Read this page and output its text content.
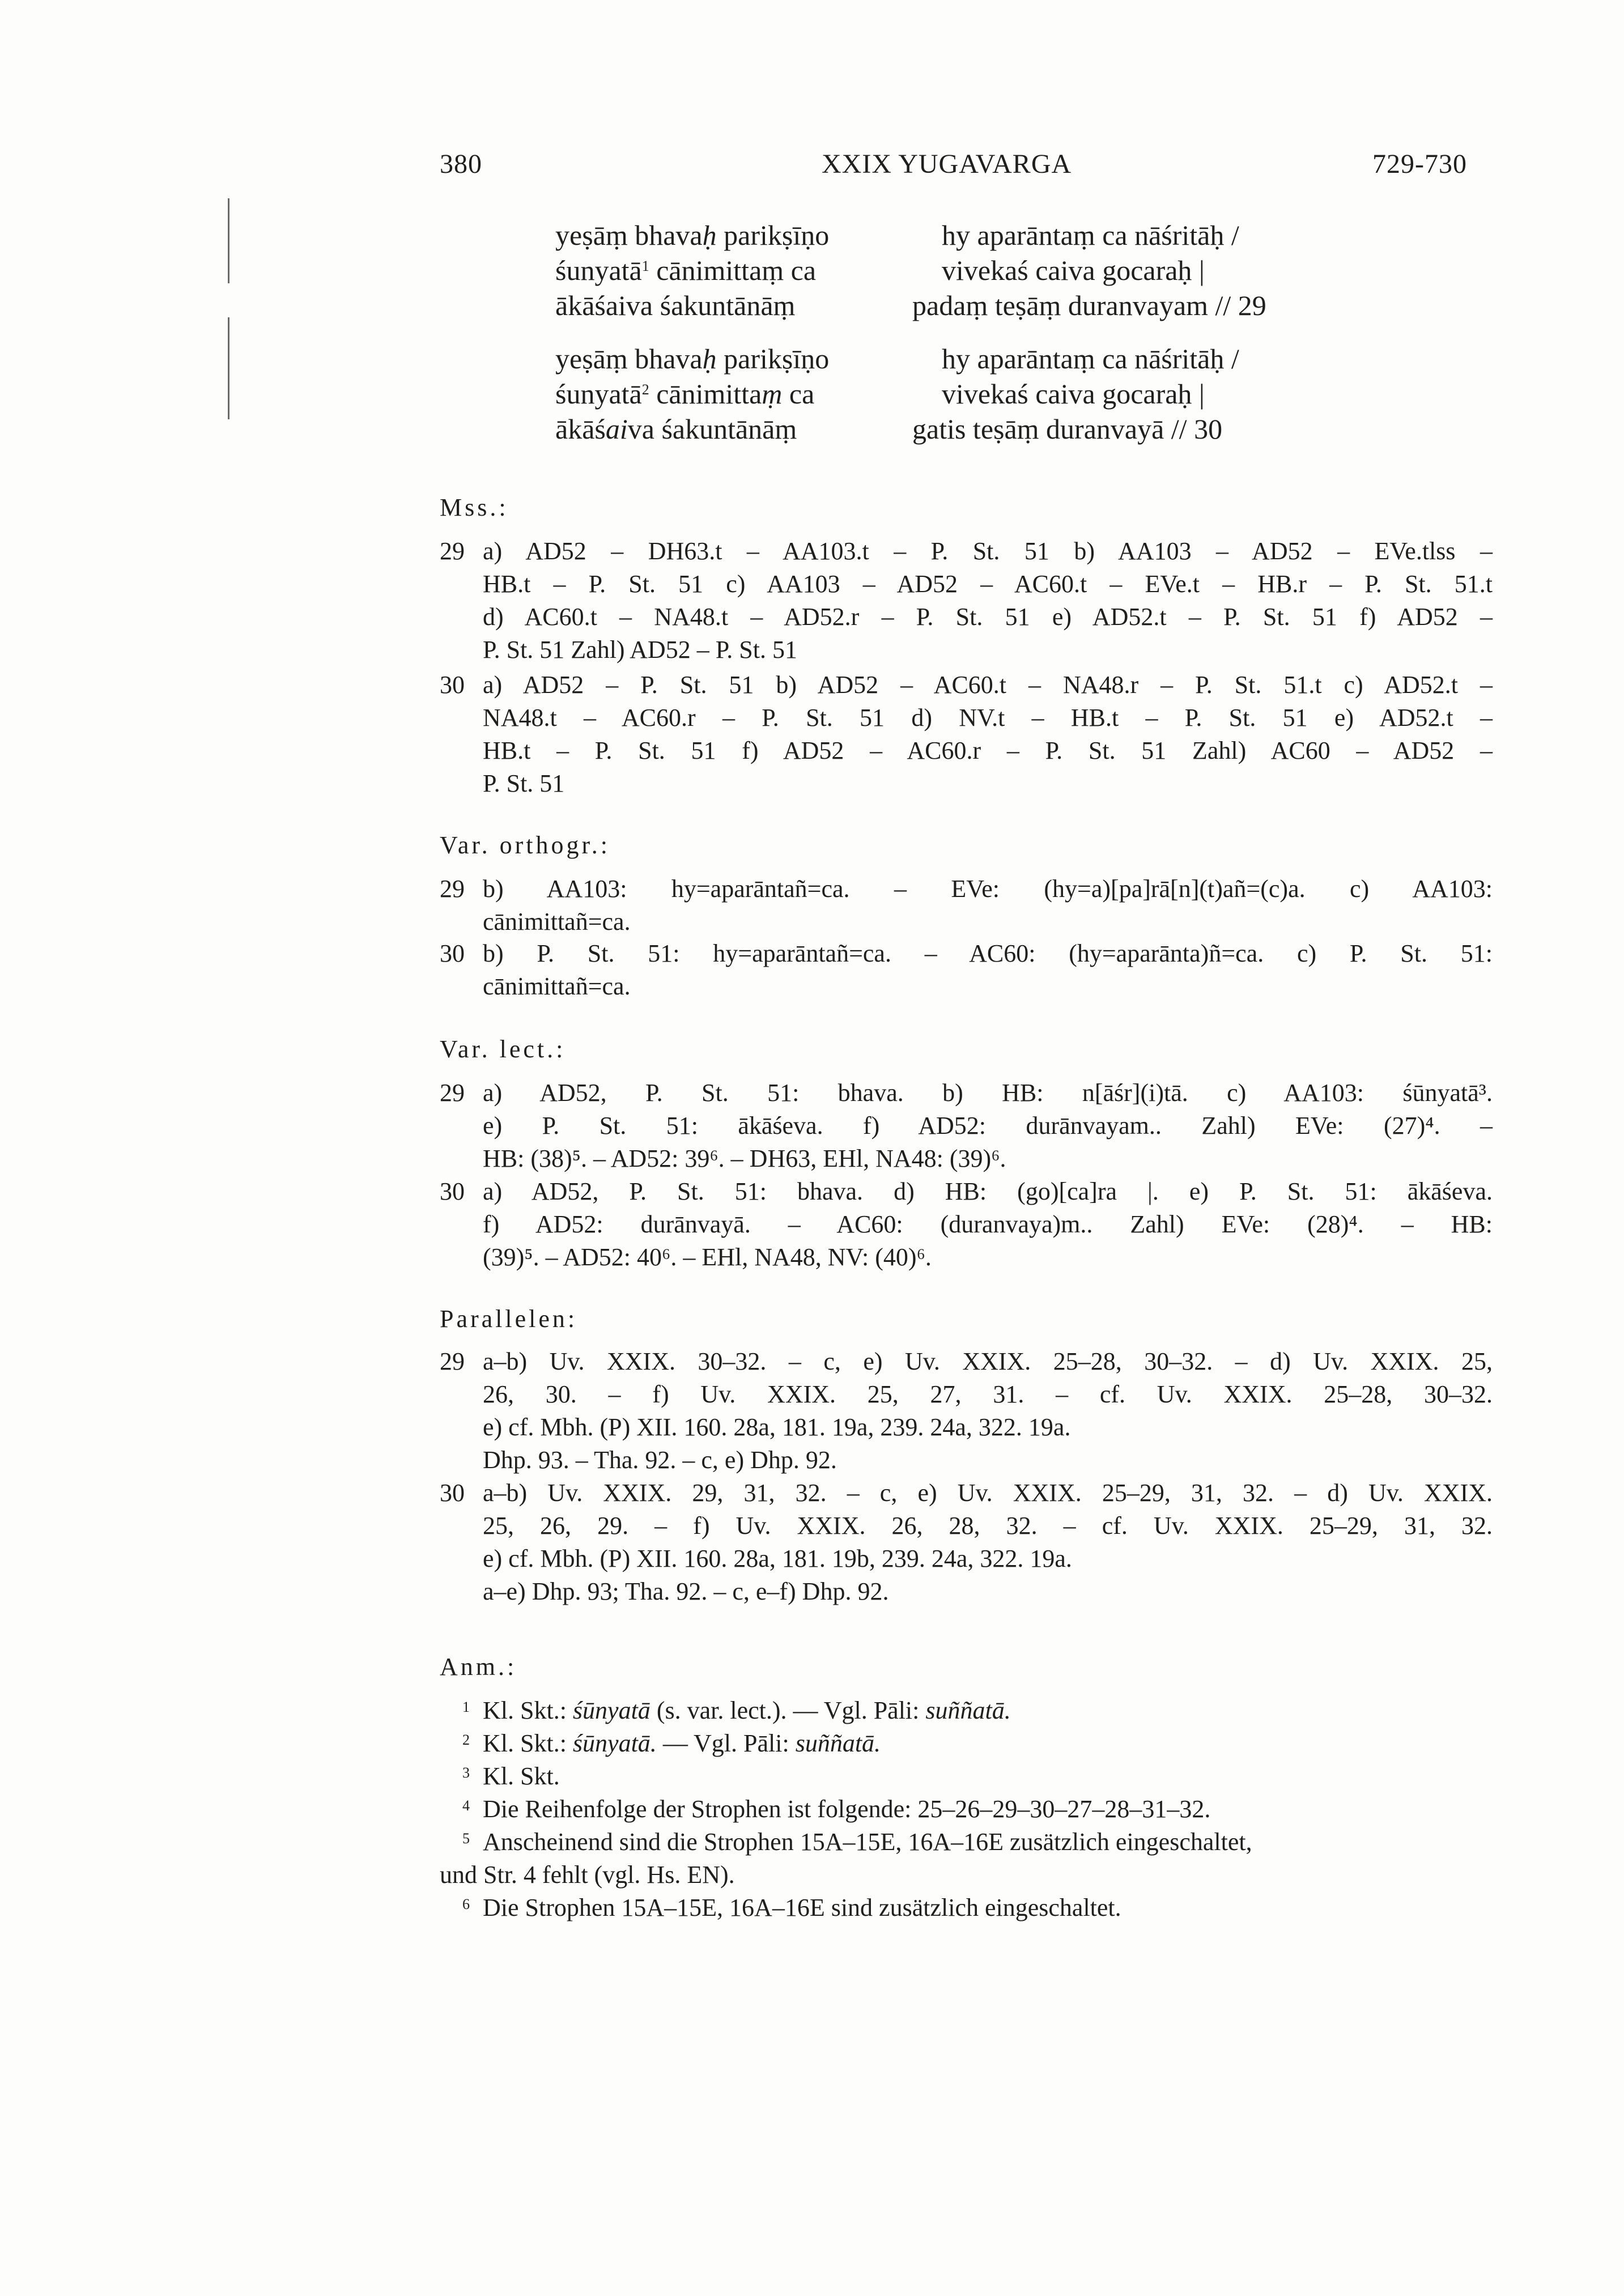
380	XXIX YUGAVARGA	729-730
yeṣāṃ bhavaḥ parikṣīṇo	hy aparāntaṃ ca nāśritāḥ /
śunyatā$^1$ cānimittaṃ ca	vivekaś caiva gocaraḥ |
ākāśaiva śakuntānāṃ	padaṃ teṣāṃ duranvayam // 29
yeṣāṃ bhavaḥ parikṣīṇo	hy aparāntaṃ ca nāśritāḥ /
śunyatā$^2$ cānimittaṃ ca	vivekaś caiva gocaraḥ |
ākāśaiva śakuntānāṃ	gatis teṣāṃ duranvayā // 30
Mss.:
29 a) AD52 – DH63.t – AA103.t – P. St. 51 b) AA103 – AD52 – EVe.tlss –
HB.t – P. St. 51 c) AA103 – AD52 – AC60.t – EVe.t – HB.r – P. St. 51.t
d) AC60.t – NA48.t – AD52.r – P. St. 51 e) AD52.t – P. St. 51 f) AD52 –
P. St. 51 Zahl) AD52 – P. St. 51
30 a) AD52 – P. St. 51 b) AD52 – AC60.t – NA48.r – P. St. 51.t c) AD52.t –
NA48.t – AC60.r – P. St. 51 d) NV.t – HB.t – P. St. 51 e) AD52.t –
HB.t – P. St. 51 f) AD52 – AC60.r – P. St. 51 Zahl) AC60 – AD52 –
P. St. 51
Var. orthogr.:
29 b) AA103: hy=aparāntañ=ca. – EVe: (hy=a)[pa]rā[n](t)añ=(c)a. c) AA103:
cānimittañ=ca.
30 b) P. St. 51: hy=aparāntañ=ca. – AC60: (hy=aparānta)ñ=ca. c) P. St. 51:
cānimittañ=ca.
Var. lect.:
29 a) AD52, P. St. 51: bhava. b) HB: n[āśr](i)tā. c) AA103: śūnyatā³.
e) P. St. 51: ākāśeva. f) AD52: durānvayam.. Zahl) EVe: (27)⁴. –
HB: (38)⁵. – AD52: 39⁶. – DH63, EHl, NA48: (39)⁶.
30 a) AD52, P. St. 51: bhava. d) HB: (go)[ca]ra |. e) P. St. 51: ākāśeva.
f) AD52: durānvayā. – AC60: (duranvaya)m.. Zahl) EVe: (28)⁴. – HB:
(39)⁵. – AD52: 40⁶. – EHl, NA48, NV: (40)⁶.
Parallelen:
29 a–b) Uv. XXIX. 30–32. – c, e) Uv. XXIX. 25–28, 30–32. – d) Uv. XXIX. 25,
26, 30. – f) Uv. XXIX. 25, 27, 31. – cf. Uv. XXIX. 25–28, 30–32.
e) cf. Mbh. (P) XII. 160. 28a, 181. 19a, 239. 24a, 322. 19a.
Dhp. 93. – Tha. 92. – c, e) Dhp. 92.
30 a–b) Uv. XXIX. 29, 31, 32. – c, e) Uv. XXIX. 25–29, 31, 32. – d) Uv. XXIX.
25, 26, 29. – f) Uv. XXIX. 26, 28, 32. – cf. Uv. XXIX. 25–29, 31, 32.
e) cf. Mbh. (P) XII. 160. 28a, 181. 19b, 239. 24a, 322. 19a.
a–e) Dhp. 93; Tha. 92. – c, e–f) Dhp. 92.
Anm.:
1 Kl. Skt.: śūnyatā (s. var. lect.). — Vgl. Pāli: suññatā.
2 Kl. Skt.: śūnyatā. — Vgl. Pāli: suññatā.
3 Kl. Skt.
4 Die Reihenfolge der Strophen ist folgende: 25–26–29–30–27–28–31–32.
5 Anscheinend sind die Strophen 15A–15E, 16A–16E zusätzlich eingeschaltet,
und Str. 4 fehlt (vgl. Hs. EN).
6 Die Strophen 15A–15E, 16A–16E sind zusätzlich eingeschaltet.
